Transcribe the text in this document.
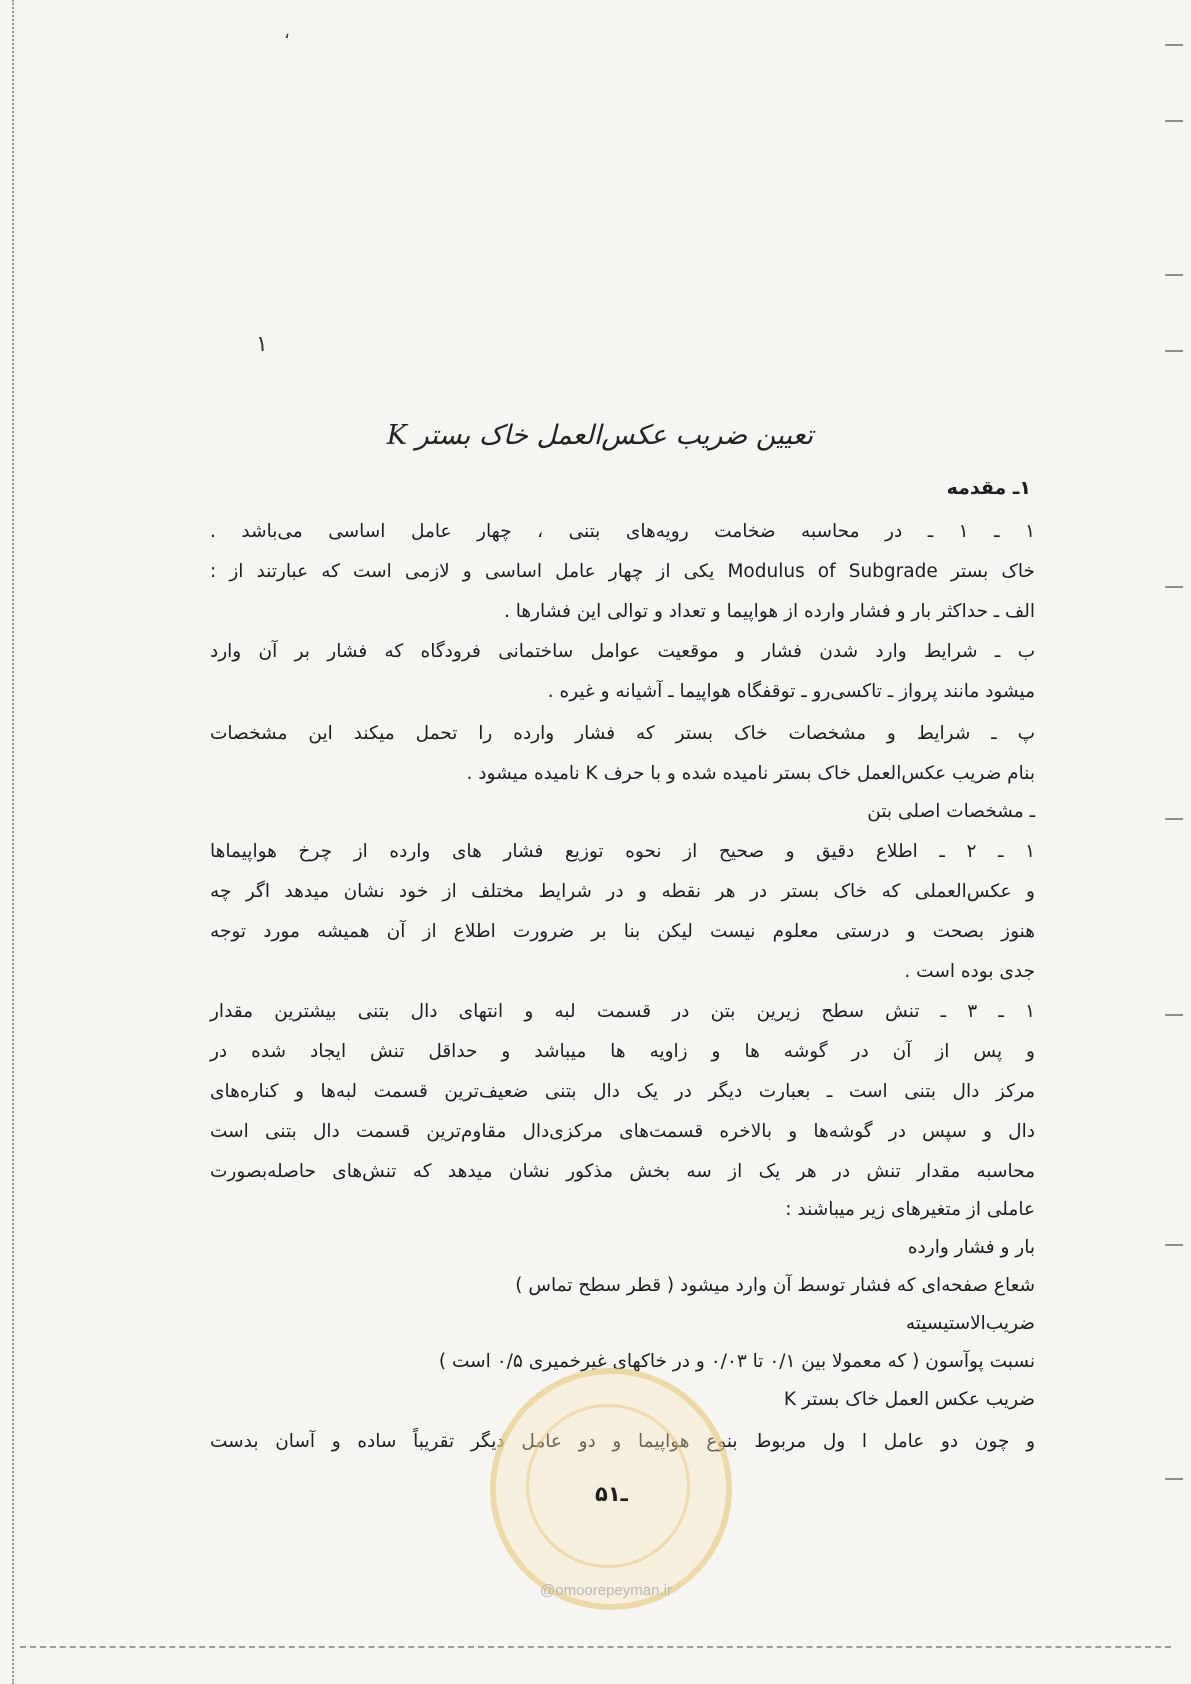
،
۱
تعیین ضریب عکس‌العمل خاک بستر K
۱ـ مقدمه
۱ ـ ۱ ـ در محاسبه ضخامت رویه‌های بتنی ، چهار عامل اساسی می‌باشد .
خاک بستر Modulus of Subgrade یکی از چهار عامل اساسی و لازمی است که عبارتند از :
الف ـ حداکثر بار و فشار وارده از هواپیما و تعداد و توالی این فشارها .
ب ـ شرایط وارد شدن فشار و موقعیت عوامل ساختمانی فرودگاه که فشار بر آن وارد
میشود مانند پرواز ـ تاکسی‌رو ـ توقفگاه هواپیما ـ آشیانه و غیره .
پ ـ شرایط و مشخصات خاک بستر که فشار وارده را تحمل میکند این مشخصات
بنام ضریب عکس‌العمل خاک بستر نامیده شده و با حرف K نامیده میشود .
ـ مشخصات اصلی بتن
۱ ـ ۲ ـ اطلاع دقیق و صحیح از نحوه توزیع فشار های وارده از چرخ هواپیماها
و عکس‌العملی که خاک بستر در هر نقطه و در شرایط مختلف از خود نشان میدهد اگر چه
هنوز بصحت و درستی معلوم نیست لیکن بنا بر ضرورت اطلاع از آن همیشه مورد توجه
جدی بوده است .
۱ ـ ۳ ـ تنش سطح زیرین بتن در قسمت لبه و انتهای دال بتنی بیشترین مقدار
و پس از آن در گوشه ها و زاویه ها میباشد و حداقل تنش ایجاد شده در
مرکز دال بتنی است ـ بعبارت دیگر در یک دال بتنی ضعیف‌ترین قسمت لبه‌ها و کناره‌های
دال و سپس در گوشه‌ها و بالاخره قسمت‌های مرکزی‌دال مقاوم‌ترین قسمت دال بتنی است
محاسبه مقدار تنش در هر یک از سه بخش مذکور نشان میدهد که تنش‌های حاصله‌بصورت
عاملی از متغیرهای زیر میباشند :
بار و فشار وارده
شعاع صفحه‌ای که فشار توسط آن وارد میشود ( قطر سطح تماس )
ضریب‌الاستیسیته
نسبت پوآسون ( که معمولا بین ۰/۱ تا ۰/۰۳ و در خاکهای غیرخمیری ۰/۵ است )
ضریب عکس العمل خاک بستر K
و چون دو عامل ا ول مربوط بنوع هواپیما و دو عامل دیگر تقریباً ساده و آسان بدست
۵ـ۱
@omoorepeyman.ir
